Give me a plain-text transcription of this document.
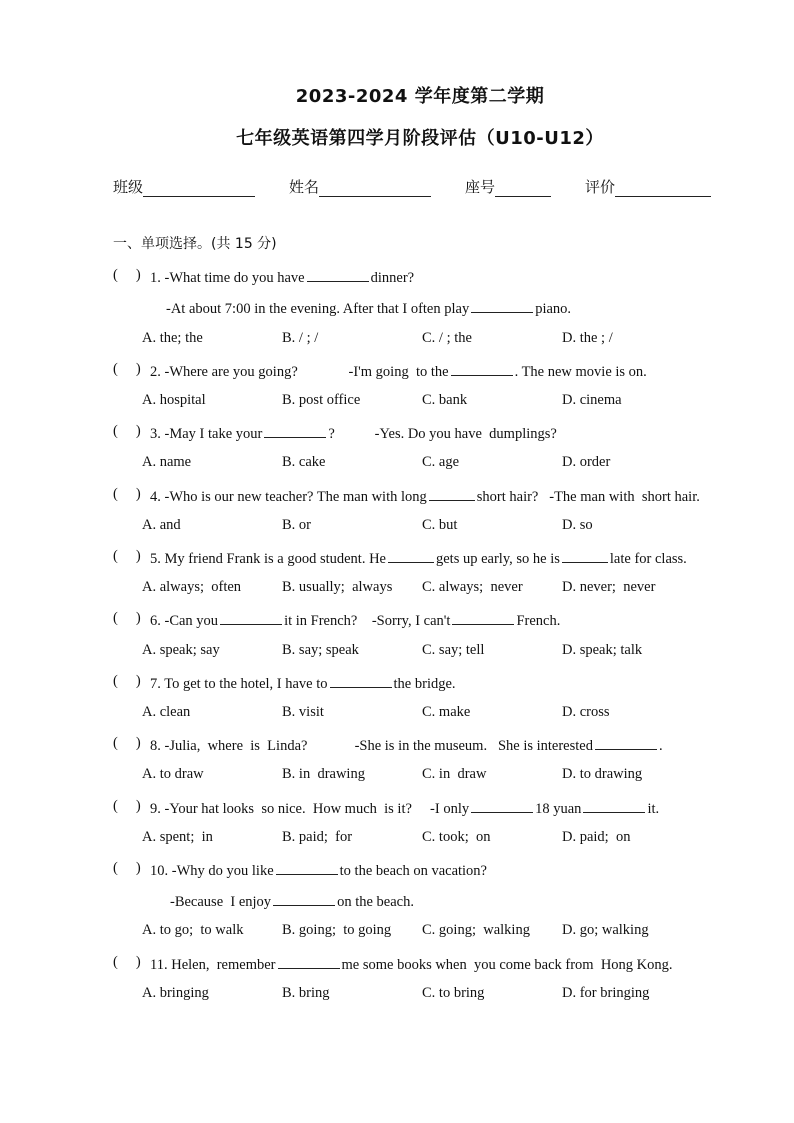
2023-2024 学年度第二学期
七年级英语第四学月阶段评估（U10-U12）
班级	姓名	座号	评价
一、单项选择。(共 15 分)
( ) 1. -What time do you have	dinner?
-At about 7:00 in the evening. After that I often play	piano.
A. the; the	B. / ; /	C. / ; the	D. the ; /
( ) 2. -Where are you going?              -I'm going  to the	. The new movie is on.
A. hospital	B. post office	C. bank	D. cinema
( ) 3. -May I take your	?           -Yes. Do you have  dumplings?
A. name	B. cake	C. age	D. order
( ) 4. -Who is our new teacher? The man with long	short hair?   -The man with  short hair.
A. and	B. or	C. but	D. so
( ) 5. My friend Frank is a good student. He	gets up early, so he is	late for class.
A. always;  often	B. usually;  always C. always;  never	D. never;  never
( ) 6. -Can you	it in French?    -Sorry, I can't	French.
A. speak; say	B. say; speak	C. say; tell	D. speak; talk
( ) 7. To get to the hotel, I have to	the bridge.
A. clean	B. visit	C. make	D. cross
( ) 8. -Julia,  where  is  Linda?             -She is in the museum.   She is interested	.
A. to draw	B. in  drawing	C. in  draw	D. to drawing
( ) 9. -Your hat looks  so nice.  How much  is it?     -I only	18 yuan	it.
A. spent;  in	B. paid;  for	C. took;  on	D. paid;  on
( ) 10. -Why do you like	to the beach on vacation?
-Because  I enjoy	on the beach.
A. to go;  to walk	B. going;  to going C. going;  walking D. go; walking
( ) 11. Helen,  remember	me some books when  you come back from  Hong Kong.
A. bringing	B. bring	C. to bring	D. for bringing
